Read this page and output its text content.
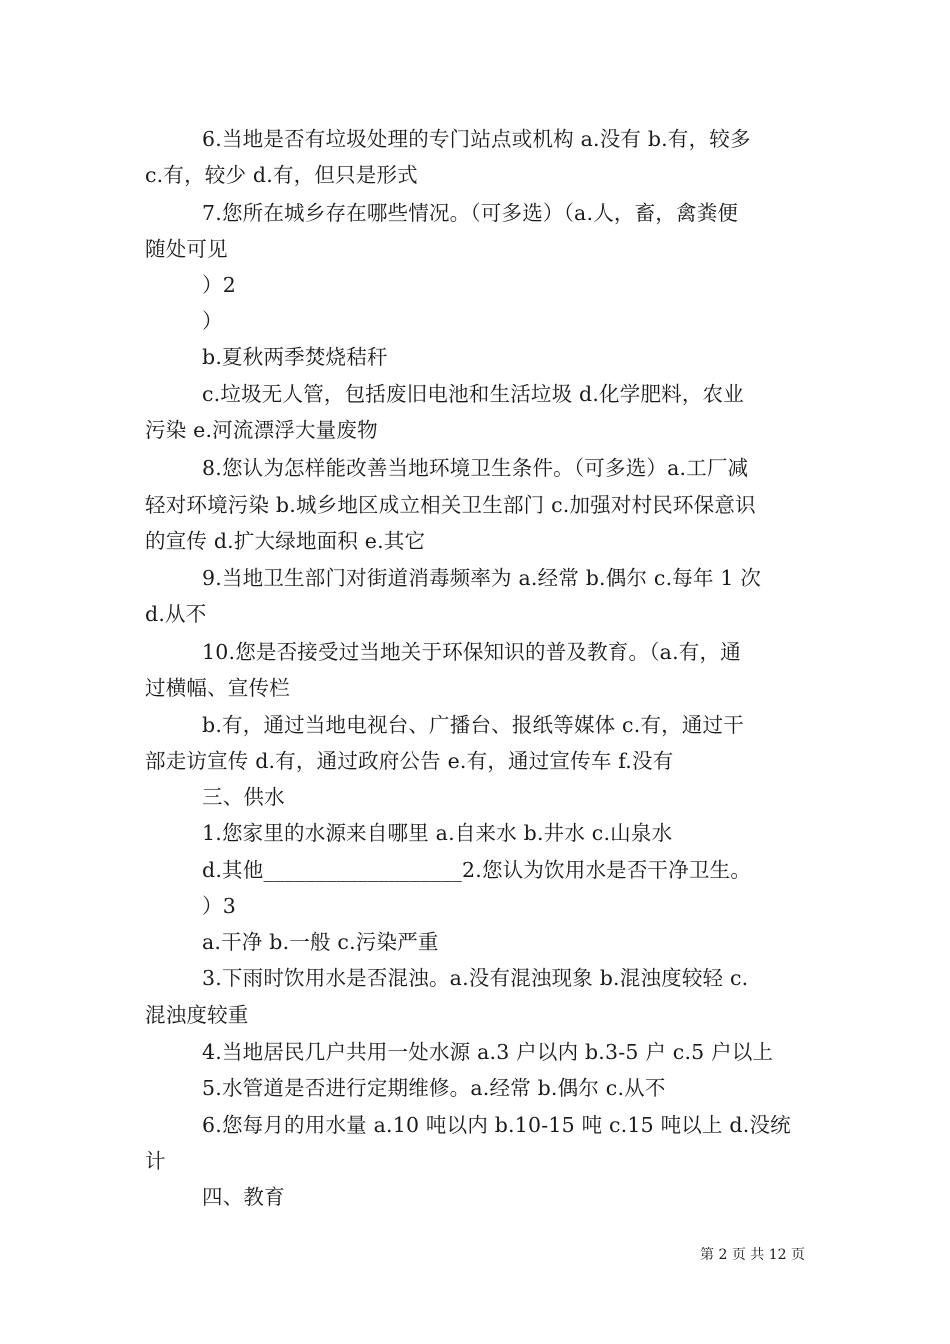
6.当地是否有垃圾处理的专门站点或机构 a.没有 b.有，较多
c.有，较少 d.有，但只是形式
7.您所在城乡存在哪些情况。（可多选）（a.人，畜，禽粪便
随处可见
）2
）
b.夏秋两季焚烧秸秆
c.垃圾无人管，包括废旧电池和生活垃圾 d.化学肥料，农业
污染 e.河流漂浮大量废物
8.您认为怎样能改善当地环境卫生条件。（可多选）a.工厂减
轻对环境污染 b.城乡地区成立相关卫生部门 c.加强对村民环保意识
的宣传 d.扩大绿地面积 e.其它
9.当地卫生部门对街道消毒频率为 a.经常 b.偶尔 c.每年 1 次
d.从不
10.您是否接受过当地关于环保知识的普及教育。（a.有，通
过横幅、宣传栏
b.有，通过当地电视台、广播台、报纸等媒体 c.有，通过干
部走访宣传 d.有，通过政府公告 e.有，通过宣传车 f.没有
三、供水
1.您家里的水源来自哪里 a.自来水 b.井水 c.山泉水
d.其他___________________2.您认为饮用水是否干净卫生。
）3
a.干净 b.一般 c.污染严重
3.下雨时饮用水是否混浊。a.没有混浊现象 b.混浊度较轻 c.
混浊度较重
4.当地居民几户共用一处水源 a.3 户以内 b.3-5 户 c.5 户以上
5.水管道是否进行定期维修。a.经常 b.偶尔 c.从不
6.您每月的用水量 a.10 吨以内 b.10-15 吨 c.15 吨以上 d.没统
计
四、教育
第 2 页 共 12 页
